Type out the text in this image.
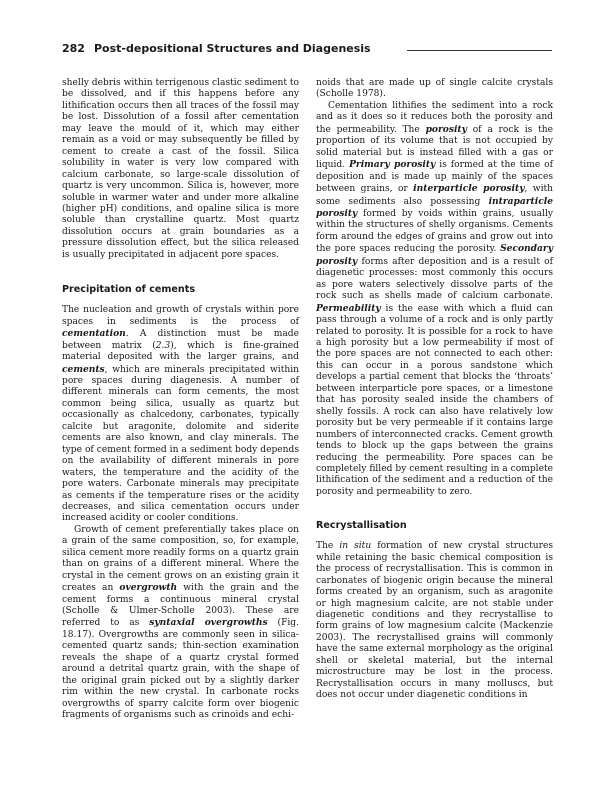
282 Post-depositional Structures and Diagenesis

shelly debris within terrigenous clastic sediment to be dissolved, and if this happens before any lithification occurs then all traces of the fossil may be lost. Dissolution of a fossil after cementation may leave the mould of it, which may either remain as a void or may subsequently be filled by cement to create a cast of the fossil. Silica solubility in water is very low compared with calcium carbonate, so large-scale dissolution of quartz is very uncommon. Silica is, however, more soluble in warmer water and under more alkaline (higher pH) conditions, and opaline silica is more soluble than crystalline quartz. Most quartz dissolution occurs at grain boundaries as a pressure dissolution effect, but the silica released is usually precipitated in adjacent pore spaces.

Precipitation of cements

The nucleation and growth of crystals within pore spaces in sediments is the process of cementation. A distinction must be made between matrix (2.3), which is fine-grained material deposited with the larger grains, and cements, which are minerals precipitated within pore spaces during diagenesis. A number of different minerals can form cements, the most common being silica, usually as quartz but occasionally as chalcedony, carbonates, typically calcite but aragonite, dolomite and siderite cements are also known, and clay minerals. The type of cement formed in a sediment body depends on the availability of different minerals in pore waters, the temperature and the acidity of the pore waters. Carbonate minerals may precipitate as cements if the temperature rises or the acidity decreases, and silica cementation occurs under increased acidity or cooler conditions.

Growth of cement preferentially takes place on a grain of the same composition, so, for example, silica cement more readily forms on a quartz grain than on grains of a different mineral. Where the crystal in the cement grows on an existing grain it creates an overgrowth with the grain and the cement forms a continuous mineral crystal (Scholle & Ulmer-Scholle 2003). These are referred to as syntaxial overgrowths (Fig. 18.17). Overgrowths are commonly seen in silica-cemented quartz sands; thin-section examination reveals the shape of a quartz crystal formed around a detrital quartz grain, with the shape of the original grain picked out by a slightly darker rim within the new crystal. In carbonate rocks overgrowths of sparry calcite form over biogenic fragments of organisms such as crinoids and echi-

noids that are made up of single calcite crystals (Scholle 1978).

Cementation lithifies the sediment into a rock and as it does so it reduces both the porosity and the permeability. The porosity of a rock is the proportion of its volume that is not occupied by solid material but is instead filled with a gas or liquid. Primary porosity is formed at the time of deposition and is made up mainly of the spaces between grains, or interparticle porosity, with some sediments also possessing intraparticle porosity formed by voids within grains, usually within the structures of shelly organisms. Cements form around the edges of grains and grow out into the pore spaces reducing the porosity. Secondary porosity forms after deposition and is a result of diagenetic processes: most commonly this occurs as pore waters selectively dissolve parts of the rock such as shells made of calcium carbonate. Permeability is the ease with which a fluid can pass through a volume of a rock and is only partly related to porosity. It is possible for a rock to have a high porosity but a low permeability if most of the pore spaces are not connected to each other: this can occur in a porous sandstone which develops a partial cement that blocks the ‘throats’ between interparticle pore spaces, or a limestone that has porosity sealed inside the chambers of shelly fossils. A rock can also have relatively low porosity but be very permeable if it contains large numbers of interconnected cracks. Cement growth tends to block up the gaps between the grains reducing the permeability. Pore spaces can be completely filled by cement resulting in a complete lithification of the sediment and a reduction of the porosity and permeability to zero.

Recrystallisation

The in situ formation of new crystal structures while retaining the basic chemical composition is the process of recrystallisation. This is common in carbonates of biogenic origin because the mineral forms created by an organism, such as aragonite or high magnesium calcite, are not stable under diagenetic conditions and they recrystallise to form grains of low magnesium calcite (Mackenzie 2003). The recrystallised grains will commonly have the same external morphology as the original shell or skeletal material, but the internal microstructure may be lost in the process. Recrystallisation occurs in many molluscs, but does not occur under diagenetic conditions in
